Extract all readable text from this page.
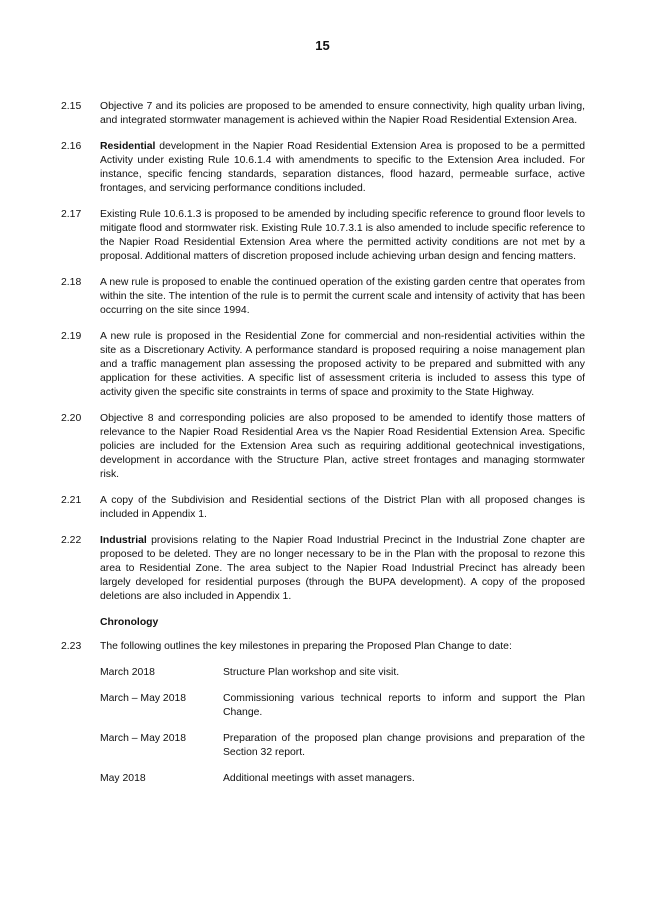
15
2.15 Objective 7 and its policies are proposed to be amended to ensure connectivity, high quality urban living, and integrated stormwater management is achieved within the Napier Road Residential Extension Area.
2.16 Residential development in the Napier Road Residential Extension Area is proposed to be a permitted Activity under existing Rule 10.6.1.4 with amendments to specific to the Extension Area included. For instance, specific fencing standards, separation distances, flood hazard, permeable surface, active frontages, and servicing performance conditions included.
2.17 Existing Rule 10.6.1.3 is proposed to be amended by including specific reference to ground floor levels to mitigate flood and stormwater risk. Existing Rule 10.7.3.1 is also amended to include specific reference to the Napier Road Residential Extension Area where the permitted activity conditions are not met by a proposal. Additional matters of discretion proposed include achieving urban design and fencing matters.
2.18 A new rule is proposed to enable the continued operation of the existing garden centre that operates from within the site. The intention of the rule is to permit the current scale and intensity of activity that has been occurring on the site since 1994.
2.19 A new rule is proposed in the Residential Zone for commercial and non-residential activities within the site as a Discretionary Activity. A performance standard is proposed requiring a noise management plan and a traffic management plan assessing the proposed activity to be prepared and submitted with any application for these activities. A specific list of assessment criteria is included to assess this type of activity given the specific site constraints in terms of space and proximity to the State Highway.
2.20 Objective 8 and corresponding policies are also proposed to be amended to identify those matters of relevance to the Napier Road Residential Area vs the Napier Road Residential Extension Area. Specific policies are included for the Extension Area such as requiring additional geotechnical investigations, development in accordance with the Structure Plan, active street frontages and managing stormwater risk.
2.21 A copy of the Subdivision and Residential sections of the District Plan with all proposed changes is included in Appendix 1.
2.22 Industrial provisions relating to the Napier Road Industrial Precinct in the Industrial Zone chapter are proposed to be deleted. They are no longer necessary to be in the Plan with the proposal to rezone this area to Residential Zone. The area subject to the Napier Road Industrial Precinct has already been largely developed for residential purposes (through the BUPA development). A copy of the proposed deletions are also included in Appendix 1.
Chronology
2.23 The following outlines the key milestones in preparing the Proposed Plan Change to date:
March 2018	Structure Plan workshop and site visit.
March – May 2018	Commissioning various technical reports to inform and support the Plan Change.
March – May 2018	Preparation of the proposed plan change provisions and preparation of the Section 32 report.
May 2018	Additional meetings with asset managers.
